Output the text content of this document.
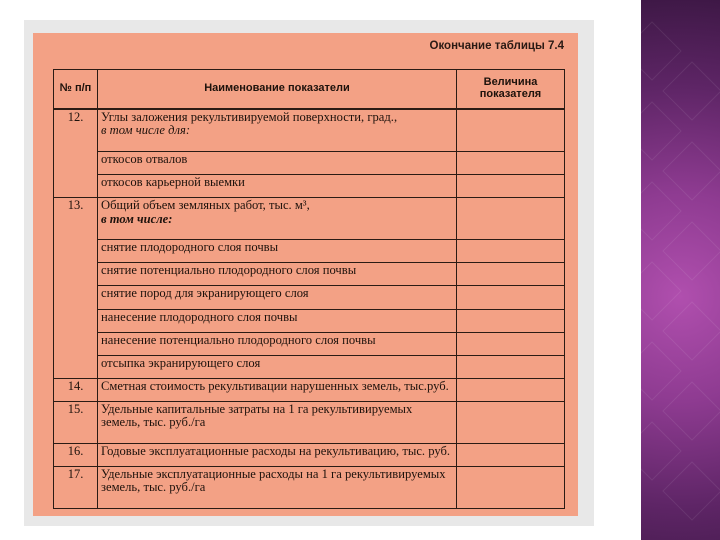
Окончание таблицы 7.4
№ п/п	Наименование показатели	Величина показателя
12.	Углы заложения рекультивируемой поверхности, град.,
в том числе для:	

	откосов отвалов	
	откосов карьерной выемки	
13.	Общий объем земляных работ, тыс. м³,
в том числе:	

	снятие плодородного слоя почвы	
	снятие потенциально плодородного слоя почвы	
	снятие пород для экранирующего слоя	
	нанесение плодородного слоя почвы	
	нанесение потенциально плодородного слоя почвы	
	отсыпка экранирующего слоя	
14.	Сметная стоимость рекультивации нарушенных земель, тыс.руб.	
15.	Удельные капитальные затраты на 1 га рекультивируемых земель, тыс. руб./га	
16.	Годовые эксплуатационные расходы на рекультивацию, тыс. руб.	
17.	Удельные эксплуатационные расходы на 1 га рекультивируемых земель, тыс. руб./га	
